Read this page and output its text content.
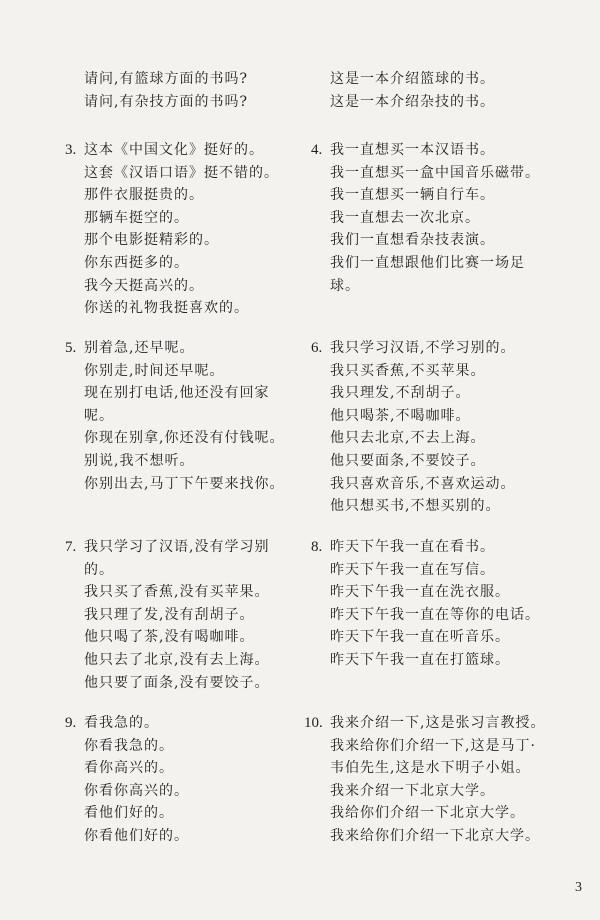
请问,有篮球方面的书吗?
请问,有杂技方面的书吗?
这是一本介绍篮球的书。
这是一本介绍杂技的书。
3. 这本《中国文化》挺好的。
这套《汉语口语》挺不错的。
那件衣服挺贵的。
那辆车挺空的。
那个电影挺精彩的。
你东西挺多的。
我今天挺高兴的。
你送的礼物我挺喜欢的。
4. 我一直想买一本汉语书。
我一直想买一盒中国音乐磁带。
我一直想买一辆自行车。
我一直想去一次北京。
我们一直想看杂技表演。
我们一直想跟他们比赛一场足
球。
5. 别着急,还早呢。
你别走,时间还早呢。
现在别打电话,他还没有回家
呢。
你现在别拿,你还没有付钱呢。
别说,我不想听。
你别出去,马丁下午要来找你。
6. 我只学习汉语,不学习别的。
我只买香蕉,不买苹果。
我只理发,不刮胡子。
他只喝茶,不喝咖啡。
他只去北京,不去上海。
他只要面条,不要饺子。
我只喜欢音乐,不喜欢运动。
他只想买书,不想买别的。
7. 我只学习了汉语,没有学习别
的。
我只买了香蕉,没有买苹果。
我只理了发,没有刮胡子。
他只喝了茶,没有喝咖啡。
他只去了北京,没有去上海。
他只要了面条,没有要饺子。
8. 昨天下午我一直在看书。
昨天下午我一直在写信。
昨天下午我一直在洗衣服。
昨天下午我一直在等你的电话。
昨天下午我一直在听音乐。
昨天下午我一直在打篮球。
9. 看我急的。
你看我急的。
看你高兴的。
你看你高兴的。
看他们好的。
你看他们好的。
10. 我来介绍一下,这是张习言教授。
我来给你们介绍一下,这是马丁·
韦伯先生,这是水下明子小姐。
我来介绍一下北京大学。
我给你们介绍一下北京大学。
我来给你们介绍一下北京大学。
3
